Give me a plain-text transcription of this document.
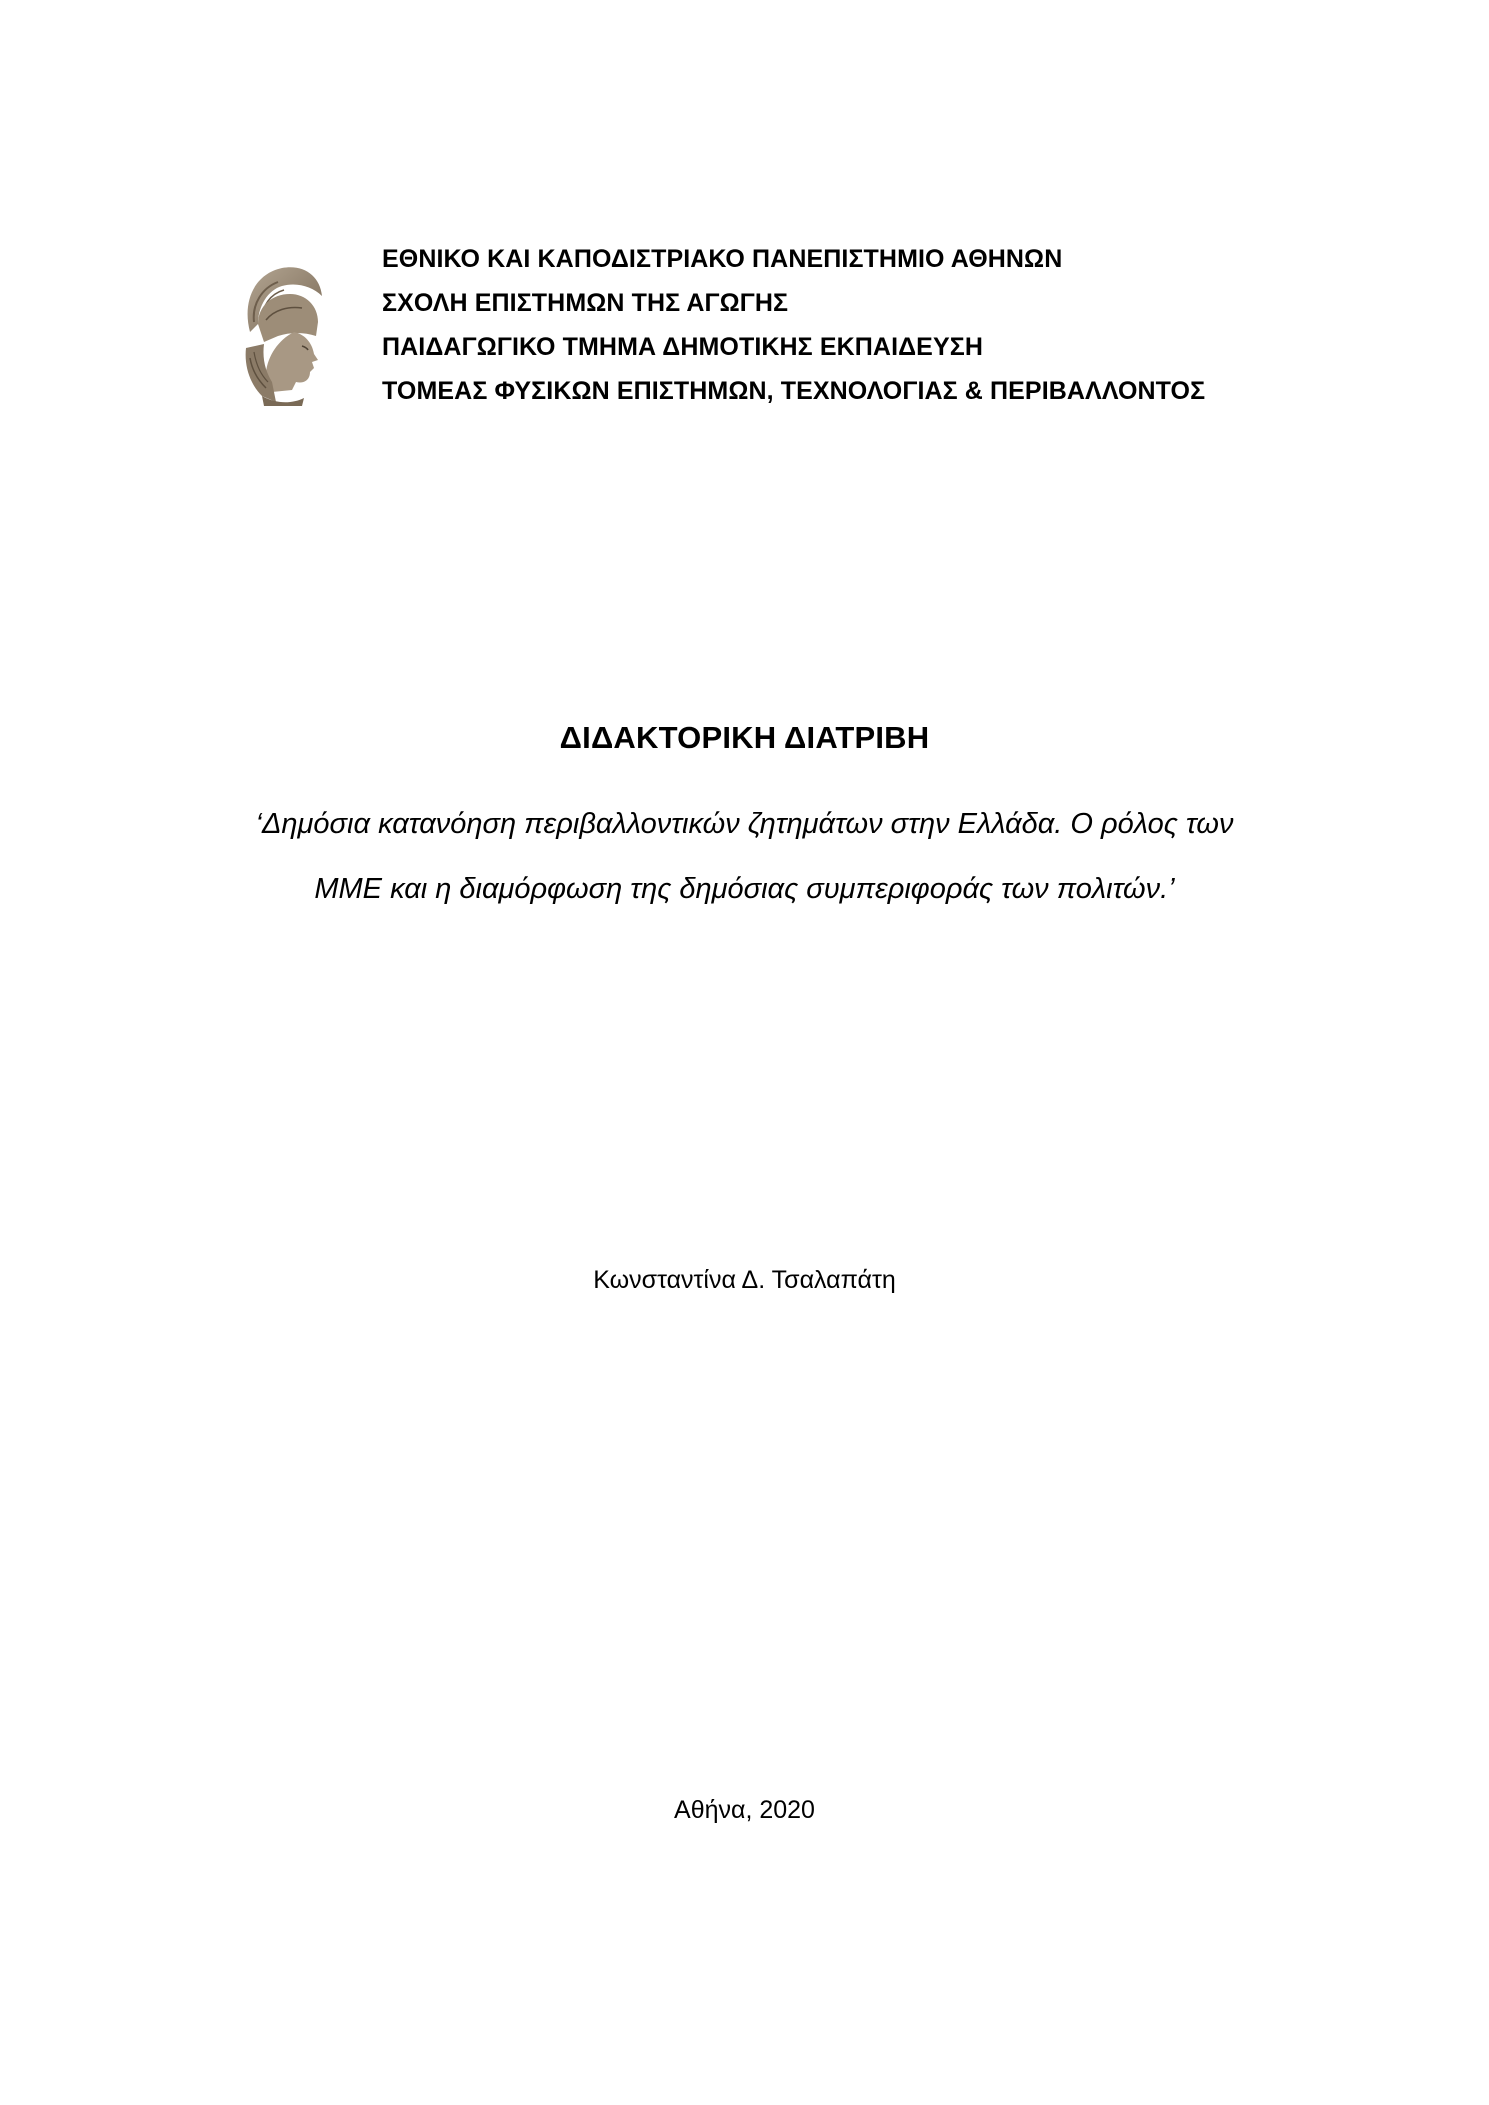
ΕΘΝΙΚΟ ΚΑΙ ΚΑΠΟΔΙΣΤΡΙΑΚΟ ΠΑΝΕΠΙΣΤΗΜΙΟ ΑΘΗΝΩΝ
ΣΧΟΛΗ ΕΠΙΣΤΗΜΩΝ ΤΗΣ ΑΓΩΓΗΣ
ΠΑΙΔΑΓΩΓΙΚΟ ΤΜΗΜΑ ΔΗΜΟΤΙΚΗΣ ΕΚΠΑΙΔΕΥΣΗ
ΤΟΜΕΑΣ ΦΥΣΙΚΩΝ ΕΠΙΣΤΗΜΩΝ, ΤΕΧΝΟΛΟΓΙΑΣ & ΠΕΡΙΒΑΛΛΟΝΤΟΣ
ΔΙΔΑΚΤΟΡΙΚΗ ΔΙΑΤΡΙΒΗ
‘Δημόσια κατανόηση περιβαλλοντικών ζητημάτων στην Ελλάδα. Ο ρόλος των
ΜΜΕ και η διαμόρφωση της δημόσιας συμπεριφοράς των πολιτών.’
Κωνσταντίνα Δ. Τσαλαπάτη
Αθήνα, 2020
